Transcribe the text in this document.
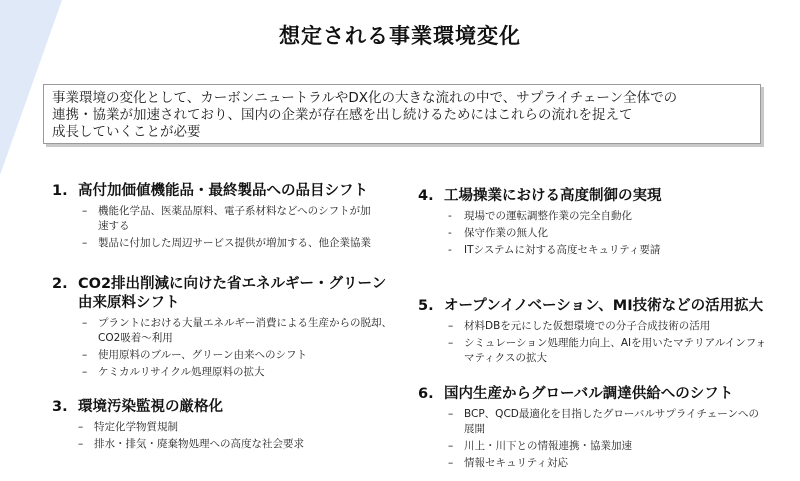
想定される事業環境変化
事業環境の変化として、カーボンニュートラルやDX化の大きな流れの中で、サプライチェーン全体での
連携・協業が加速されており、国内の企業が存在感を出し続けるためにはこれらの流れを捉えて
成長していくことが必要
1. 高付加価値機能品・最終製品への品目シフト
–	機能化学品、医薬品原料、電子系材料などへのシフトが加
速する
–	製品に付加した周辺サービス提供が増加する、他企業協業
2. CO2排出削減に向けた省エネルギー・グリーン
由来原料シフト
–	プラントにおける大量エネルギー消費による生産からの脱却、
CO2吸着～利用
–	使用原料のブルー、グリーン由来へのシフト
–	ケミカルリサイクル処理原料の拡大
3. 環境汚染監視の厳格化
–	特定化学物質規制
–	排水・排気・廃棄物処理への高度な社会要求
4. 工場操業における高度制御の実現
-	現場での運転調整作業の完全自動化
-	保守作業の無人化
-	ITシステムに対する高度セキュリティ要請
5. オープンイノベーション、MI技術などの活用拡大
–	材料DBを元にした仮想環境での分子合成技術の活用
–	シミュレーション処理能力向上、AIを用いたマテリアルインフォ
マティクスの拡大
6. 国内生産からグローバル調達供給へのシフト
–	BCP、QCD最適化を目指したグローバルサプライチェーンへの
展開
–	川上・川下との情報連携・協業加速
–	情報セキュリティ対応
